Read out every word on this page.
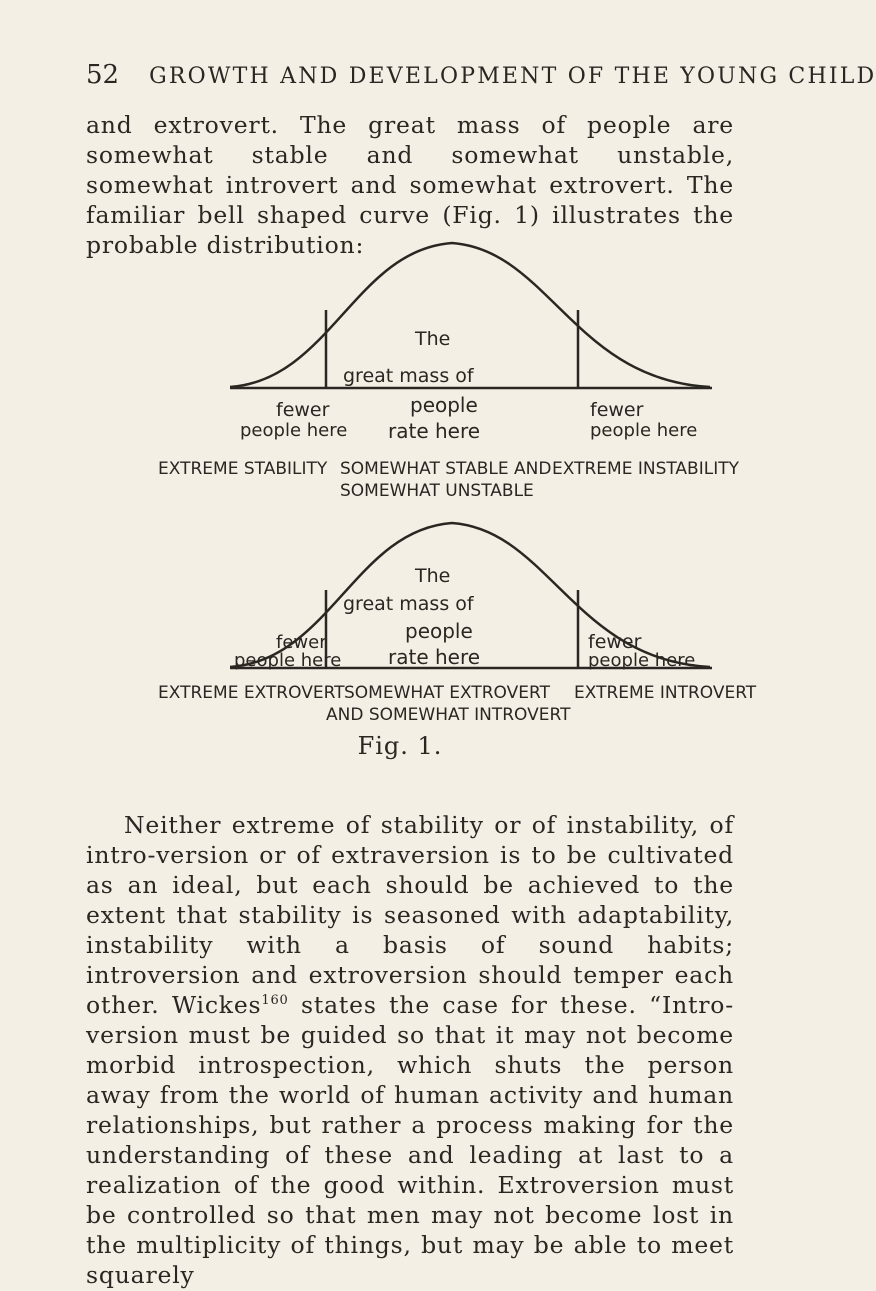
52 GROWTH AND DEVELOPMENT OF THE YOUNG CHILD
and extrovert. The great mass of people are somewhat stable and somewhat unstable, somewhat introvert and somewhat extrovert. The familiar bell shaped curve (Fig. 1) illustrates the probable distribution:
The
great mass of
people
rate here
fewer
people here
fewer
people here
EXTREME STABILITY SOMEWHAT STABLE AND
SOMEWHAT UNSTABLE
EXTREME INSTABILITY
The
great mass of
people
rate here
fewer
people here
fewer
people here
EXTREME EXTROVERT SOMEWHAT EXTROVERT
AND SOMEWHAT INTROVERT
EXTREME INTROVERT
Fig. 1.
Neither extreme of stability or of instability, of intro-version or of extraversion is to be cultivated as an ideal, but each should be achieved to the extent that stability is seasoned with adaptability, instability with a basis of sound habits; introversion and extroversion should temper each other. Wickes$^{160}$ states the case for these. “Intro-version must be guided so that it may not become morbid introspection, which shuts the person away from the world of human activity and human relationships, but rather a process making for the understanding of these and leading at last to a realization of the good within. Extroversion must be controlled so that men may not become lost in the multiplicity of things, but may be able to meet squarely
